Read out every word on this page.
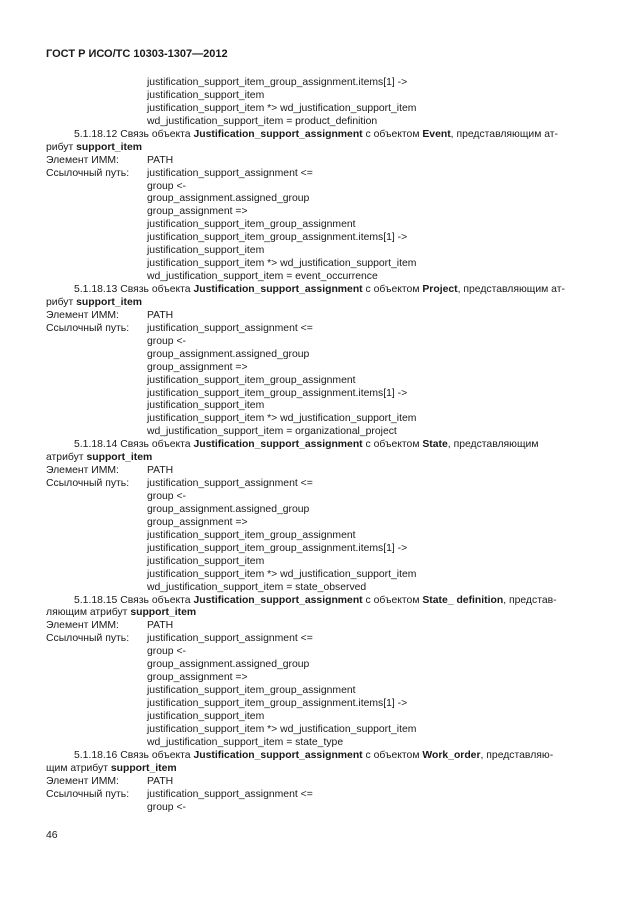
ГОСТ Р ИСО/ТС 10303-1307—2012
justification_support_item_group_assignment.items[1] ->
justification_support_item
justification_support_item *> wd_justification_support_item
wd_justification_support_item = product_definition
5.1.18.12 Связь объекта Justification_support_assignment с объектом Event, представляющим ат-
рибут support_item
Элемент ИММ:	PATH
Ссылочный путь:	justification_support_assignment <=
group <-
group_assignment.assigned_group
group_assignment =>
justification_support_item_group_assignment
justification_support_item_group_assignment.items[1] ->
justification_support_item
justification_support_item *> wd_justification_support_item
wd_justification_support_item = event_occurrence
5.1.18.13 Связь объекта Justification_support_assignment с объектом Project, представляющим ат-
рибут support_item
Элемент ИММ:	PATH
Ссылочный путь:	justification_support_assignment <=
group <-
group_assignment.assigned_group
group_assignment =>
justification_support_item_group_assignment
justification_support_item_group_assignment.items[1] ->
justification_support_item
justification_support_item *> wd_justification_support_item
wd_justification_support_item = organizational_project
5.1.18.14 Связь объекта Justification_support_assignment с объектом State, представляющим
атрибут support_item
Элемент ИММ:	PATH
Ссылочный путь:	justification_support_assignment <=
group <-
group_assignment.assigned_group
group_assignment =>
justification_support_item_group_assignment
justification_support_item_group_assignment.items[1] ->
justification_support_item
justification_support_item *> wd_justification_support_item
wd_justification_support_item = state_observed
5.1.18.15 Связь объекта Justification_support_assignment с объектом State_ definition, представ-
ляющим атрибут support_item
Элемент ИММ:	PATH
Ссылочный путь:	justification_support_assignment <=
group <-
group_assignment.assigned_group
group_assignment =>
justification_support_item_group_assignment
justification_support_item_group_assignment.items[1] ->
justification_support_item
justification_support_item *> wd_justification_support_item
wd_justification_support_item = state_type
5.1.18.16 Связь объекта Justification_support_assignment с объектом Work_order, представляю-
щим атрибут support_item
Элемент ИММ:	PATH
Ссылочный путь:	justification_support_assignment <=
group <-
46
